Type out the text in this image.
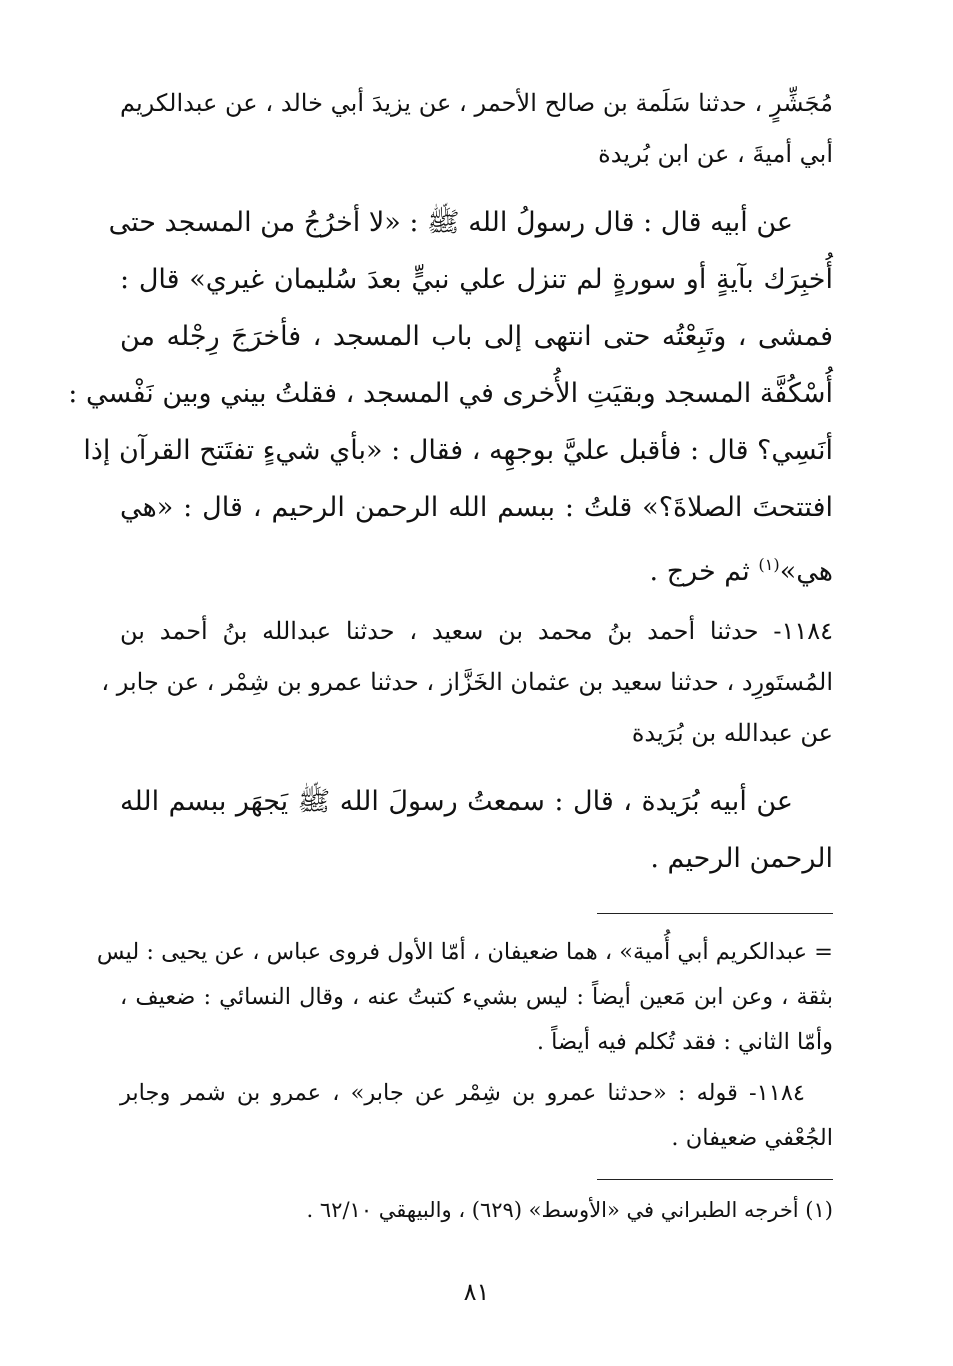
مُجَشِّرٍ ، حدثنا سَلَمة بن صالح الأحمر ، عن يزيدَ أبي خالد ، عن عبدالكريم
أبي أميةَ ، عن ابن بُريدة
عن أبيه قال : قال رسولُ الله ﷺ : «لا أخرُجُ من المسجد حتى
أُخبِرَك بآيةٍ أو سورةٍ لم تنزل علي نبيٍّ بعدَ سُليمان غيري» قال :
فمشى ، وتَبِعْتُه حتى انتهى إلى باب المسجد ، فأخرَجَ رِجْله من
أُسْكُفَّة المسجد وبقيَتِ الأُخرى في المسجد ، فقلتُ بيني وبين نَفْسي :
أنَسِي؟ قال : فأقبل عليَّ بوجهِه ، فقال : «بأي شيءٍ تفتَتح القرآن إذا
افتتحتَ الصلاةَ؟» قلتُ : ببسم الله الرحمن الرحيم ، قال : «هي
هي»$^{(١)}$ ثم خرج .
١١٨٤- حدثنا أحمد بنُ محمد بن سعيد ، حدثنا عبدالله بنُ أحمد بن
المُستَورِد ، حدثنا سعيد بن عثمان الخَزَّاز ، حدثنا عمرو بن شِمْر ، عن جابر ،
عن عبدالله بن بُرَيدة
عن أبيه بُرَيدة ، قال : سمعتُ رسولَ الله ﷺ يَجهَر ببسم الله
الرحمن الرحيم .
= عبدالكريم أبي أُمية» ، هما ضعيفان ، أمّا الأول فروى عباس ، عن يحيى : ليس
بثقة ، وعن ابن مَعين أيضاً : ليس بشيء كتبتُ عنه ، وقال النسائي : ضعيف ،
وأمّا الثاني : فقد تُكلم فيه أيضاً .
١١٨٤- قوله : «حدثنا عمرو بن شِمْر عن جابر» ، عمرو بن شمر وجابر
الجُعْفي ضعيفان .
(١) أخرجه الطبراني في «الأوسط» (٦٢٩) ، والبيهقي ٦٢/١٠ .
٨١
